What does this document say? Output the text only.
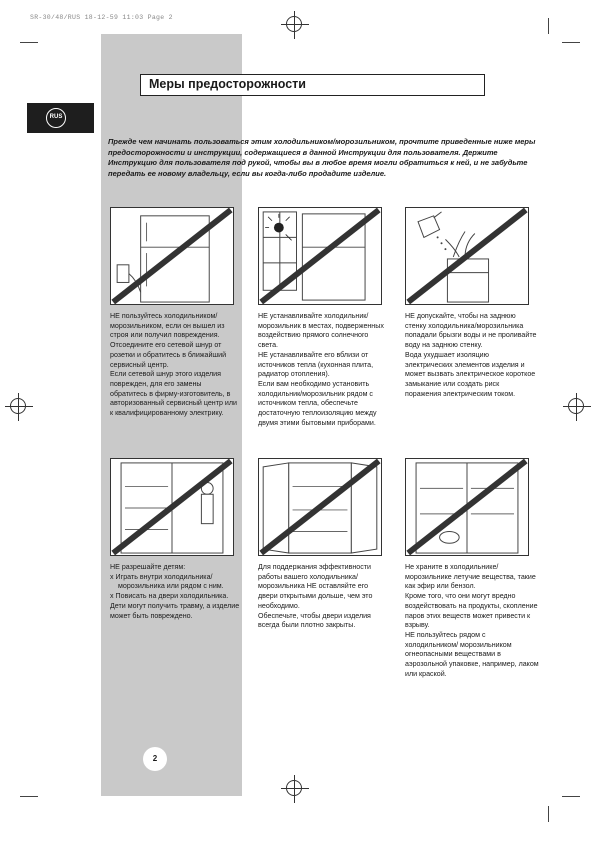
SR-30/48/RUS 18-12-59 11:03 Page 2
Меры предосторожности
RUS
Прежде чем начинать пользоваться этим холодильником/морозильником, прочтите приведенные ниже меры предосторожности и инструкции, содержащиеся в данной Инструкции для пользователя. Держите Инструкцию для пользователя под рукой, чтобы вы в любое время могли обратиться к ней, и не забудьте передать ее новому владельцу, если вы когда-либо продадите изделие.

НЕ пользуйтесь холодильником/морозильником, если он вышел из строя или получил повреждения.

Отсоедините его сетевой шнур от розетки и обратитесь в ближайший сервисный центр.

Если сетевой шнур этого изделия поврежден, для его замены обратитесь в фирму-изготовитель, в авторизованный сервисный центр или к квалифицированному электрику.

НЕ устанавливайте холодильник/морозильник в местах, подверженных воздействию прямого солнечного света.

НЕ устанавливайте его вблизи от источников тепла (кухонная плита, радиатор отопления).

Если вам необходимо установить холодильник/морозильник рядом с источником тепла, обеспечьте достаточную теплоизоляцию между двумя этими бытовыми приборами.

НЕ допускайте, чтобы на заднюю стенку холодильника/морозильника попадали брызги воды и не проливайте воду на заднюю стенку.

Вода ухудшает изоляцию электрических элементов изделия и может вызвать электрическое короткое замыкание или создать риск поражения электрическим током.

НЕ разрешайте детям:

x Играть внутри холодильника/морозильника или рядом с ним.

x Повисать на двери холодильника.

Дети могут получить травму, а изделие может быть повреждено.

Для поддержания эффективности работы вашего холодильника/ морозильника НЕ оставляйте его двери открытыми дольше, чем это необходимо.

Обеспечьте, чтобы двери изделия всегда были плотно закрыты.

Не храните в холодильнике/морозильнике летучие вещества, такие как эфир или бензол.

Кроме того, что они могут вредно воздействовать на продукты, скопление паров этих веществ может привести к взрыву.

НЕ пользуйтесь рядом с холодильником/ морозильником огнеопасными веществами в аэрозольной упаковке, например, лаком или краской.

2
